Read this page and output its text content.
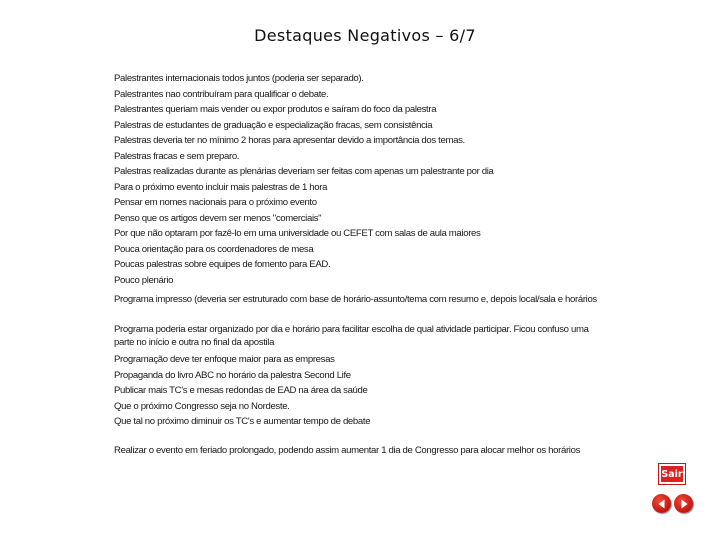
Destaques Negativos – 6/7
Palestrantes internacionais todos juntos (poderia ser separado).
Palestrantes nao contribuíram para qualificar o debate.
Palestrantes queriam mais vender ou expor produtos e saíram do foco da palestra
Palestras de estudantes de graduação e especialização fracas, sem consistência
Palestras deveria ter no mínimo 2 horas para apresentar devido a importância dos temas.
Palestras fracas e sem preparo.
Palestras realizadas durante as plenárias deveriam ser feitas com apenas um palestrante por dia
Para o próximo evento incluir mais palestras de 1 hora
Pensar em nomes nacionais para o próximo evento
Penso que os artigos devem ser menos "comerciais"
Por que não optaram por fazê-lo em uma universidade ou CEFET com salas de aula maiores
Pouca orientação para os coordenadores de mesa
Poucas palestras sobre equipes de fomento para EAD.
Pouco plenário
Programa impresso (deveria ser estruturado com base de horário-assunto/tema com resumo e, depois local/sala e horários
Programa poderia estar organizado por dia e horário para facilitar escolha de qual atividade participar. Ficou confuso uma parte no início e outra no final da apostila
Programação deve ter enfoque maior para as empresas
Propaganda do livro ABC no horário da palestra Second Life
Publicar mais TC's e mesas redondas de EAD na área da saúde
Que o próximo Congresso seja no Nordeste.
Que tal no próximo diminuir os TC's e aumentar tempo de debate
Realizar o evento em feriado prolongado, podendo assim aumentar 1 dia de Congresso para alocar melhor os horários
Sair
